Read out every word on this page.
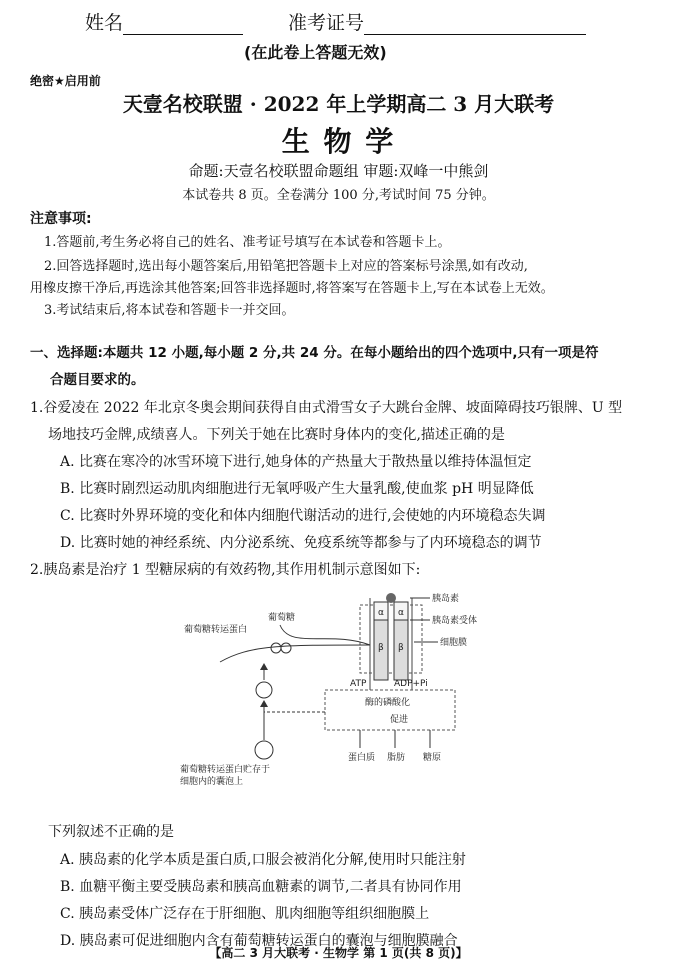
姓名	准考证号
(在此卷上答题无效)
绝密★启用前
天壹名校联盟 · 2022 年上学期高二 3 月大联考
生 物 学
命题:天壹名校联盟命题组 审题:双峰一中熊剑
本试卷共 8 页。全卷满分 100 分,考试时间 75 分钟。
注意事项:
1.答题前,考生务必将自己的姓名、准考证号填写在本试卷和答题卡上。
2.回答选择题时,选出每小题答案后,用铅笔把答题卡上对应的答案标号涂黑,如有改动,
用橡皮擦干净后,再选涂其他答案;回答非选择题时,将答案写在答题卡上,写在本试卷上无效。
3.考试结束后,将本试卷和答题卡一并交回。
一、选择题:本题共 12 小题,每小题 2 分,共 24 分。在每小题给出的四个选项中,只有一项是符
合题目要求的。
1.谷爱凌在 2022 年北京冬奥会期间获得自由式滑雪女子大跳台金牌、坡面障碍技巧银牌、U 型
场地技巧金牌,成绩喜人。下列关于她在比赛时身体内的变化,描述正确的是
A. 比赛在寒冷的冰雪环境下进行,她身体的产热量大于散热量以维持体温恒定
B. 比赛时剧烈运动肌肉细胞进行无氧呼吸产生大量乳酸,使血浆 pH 明显降低
C. 比赛时外界环境的变化和体内细胞代谢活动的进行,会使她的内环境稳态失调
D. 比赛时她的神经系统、内分泌系统、免疫系统等都参与了内环境稳态的调节
2.胰岛素是治疗 1 型糖尿病的有效药物,其作用机制示意图如下:
α α
β β
胰岛素
胰岛素受体
细胞膜
葡萄糖
葡萄糖转运蛋白
葡萄糖转运蛋白贮存于
细胞内的囊泡上
ATP	ADP+Pi
酶的磷酸化
促进
蛋白质 脂肪 糖原
下列叙述不正确的是
A. 胰岛素的化学本质是蛋白质,口服会被消化分解,使用时只能注射
B. 血糖平衡主要受胰岛素和胰高血糖素的调节,二者具有协同作用
C. 胰岛素受体广泛存在于肝细胞、肌肉细胞等组织细胞膜上
D. 胰岛素可促进细胞内含有葡萄糖转运蛋白的囊泡与细胞膜融合
【高二 3 月大联考 · 生物学 第 1 页(共 8 页)】
